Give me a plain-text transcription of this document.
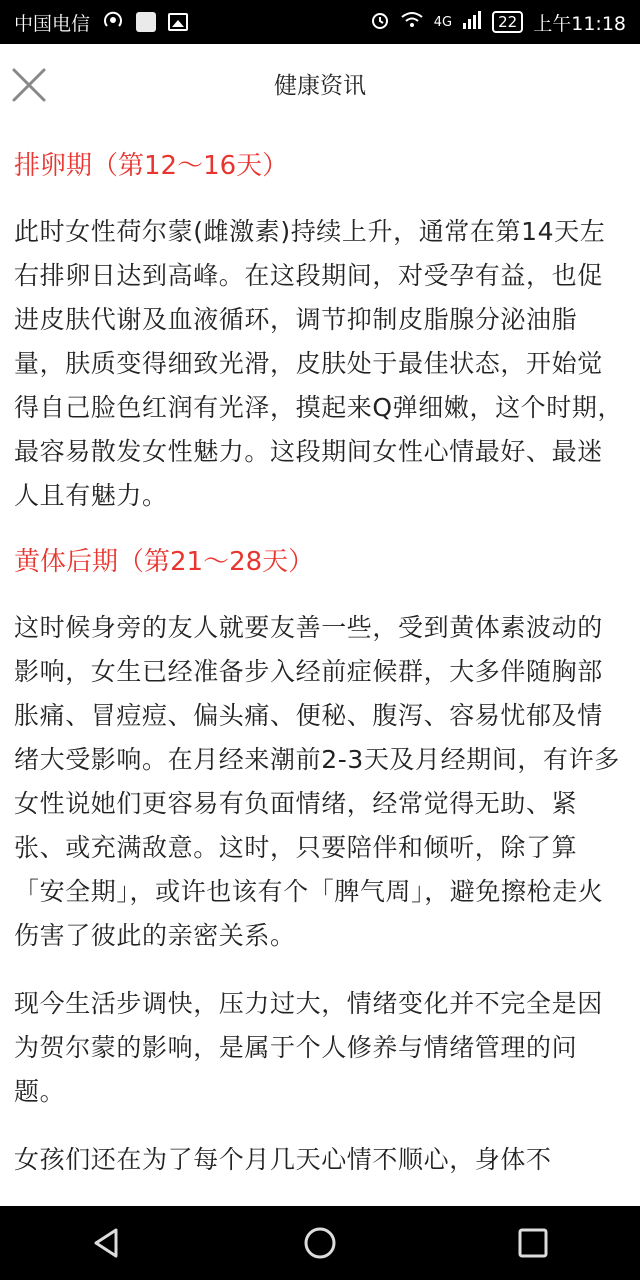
中国电信	4G	22 上午11:18
健康资讯
排卵期（第12～16天）

此时女性荷尔蒙(雌激素)持续上升，通常在第14天左右排卵日达到高峰。在这段期间，对受孕有益，也促进皮肤代谢及血液循环，调节抑制皮脂腺分泌油脂量，肤质变得细致光滑，皮肤处于最佳状态，开始觉得自己脸色红润有光泽，摸起来Q弹细嫩，这个时期，最容易散发女性魅力。这段期间女性心情最好、最迷人且有魅力。

黄体后期（第21～28天）

这时候身旁的友人就要友善一些，受到黄体素波动的影响，女生已经准备步入经前症候群，大多伴随胸部胀痛、冒痘痘、偏头痛、便秘、腹泻、容易忧郁及情绪大受影响。在月经来潮前2-3天及月经期间，有许多女性说她们更容易有负面情绪，经常觉得无助、紧张、或充满敌意。这时，只要陪伴和倾听，除了算「安全期」，或许也该有个「脾气周」，避免擦枪走火伤害了彼此的亲密关系。

现今生活步调快，压力过大，情绪变化并不完全是因为贺尔蒙的影响，是属于个人修养与情绪管理的问题。

女孩们还在为了每个月几天心情不顺心，身体不
